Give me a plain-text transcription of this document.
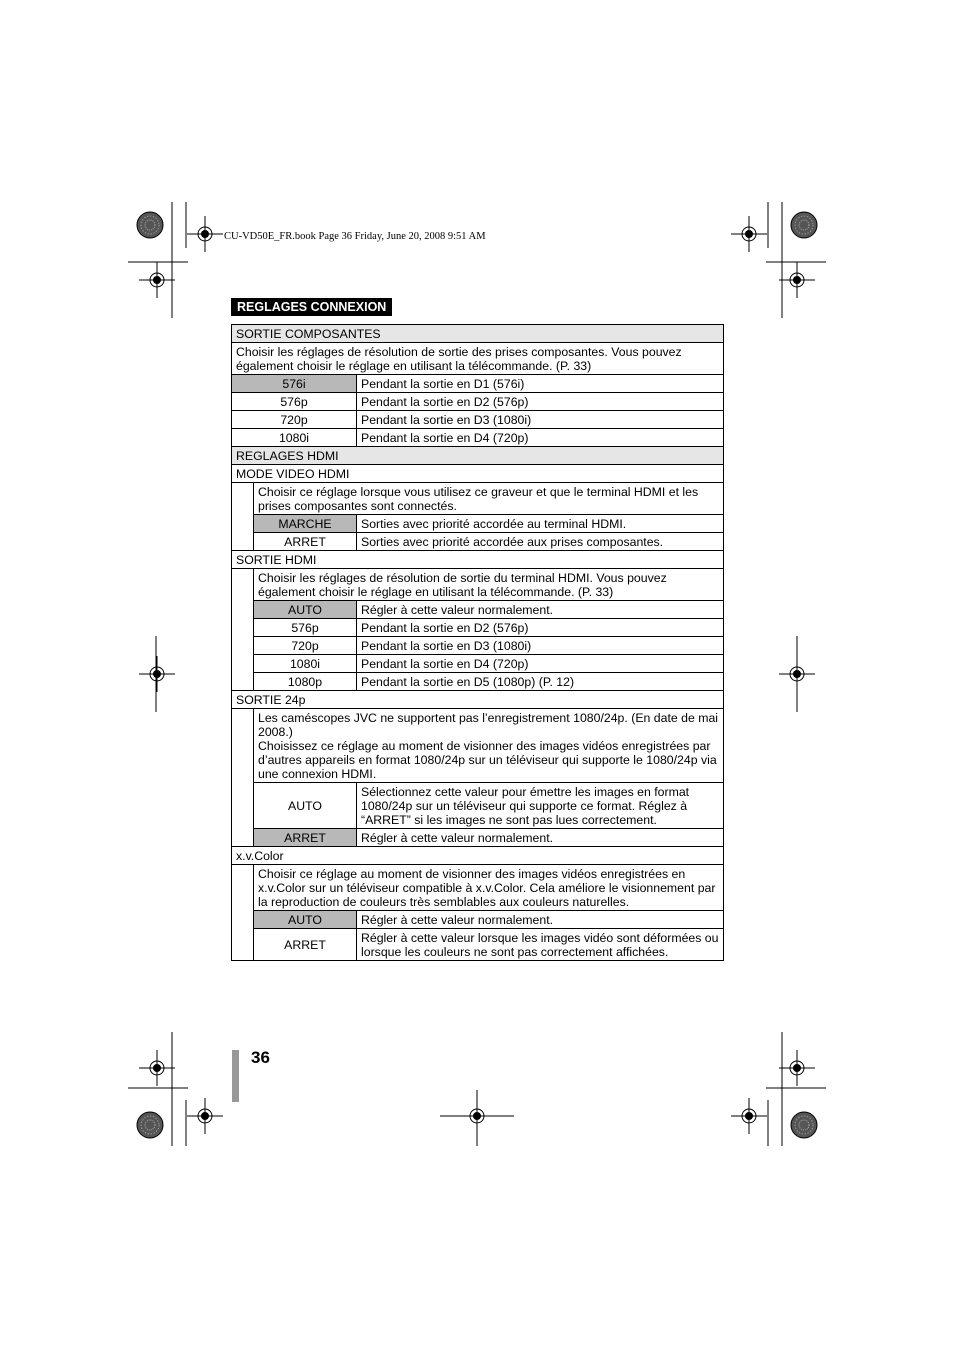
CU-VD50E_FR.book Page 36 Friday, June 20, 2008 9:51 AM
REGLAGES CONNEXION
SORTIE COMPOSANTES		
Choisir les réglages de résolution de sortie des prises composantes. Vous pouvez également choisir le réglage en utilisant la télécommande. (P. 33)		
576i		Pendant la sortie en D1 (576i)
576p		Pendant la sortie en D2 (576p)
720p		Pendant la sortie en D3 (1080i)
1080i		Pendant la sortie en D4 (720p)
REGLAGES HDMI		
MODE VIDEO HDMI		
	Choisir ce réglage lorsque vous utilisez ce graveur et que le terminal HDMI et les prises composantes sont connectés.	
	MARCHE	Sorties avec priorité accordée au terminal HDMI.
	ARRET	Sorties avec priorité accordée aux prises composantes.
SORTIE HDMI		
	Choisir les réglages de résolution de sortie du terminal HDMI. Vous pouvez également choisir le réglage en utilisant la télécommande. (P. 33)	
	AUTO	Régler à cette valeur normalement.
	576p	Pendant la sortie en D2 (576p)
	720p	Pendant la sortie en D3 (1080i)
	1080i	Pendant la sortie en D4 (720p)
	1080p	Pendant la sortie en D5 (1080p) (P. 12)
SORTIE 24p		
	Les caméscopes JVC ne supportent pas l’enregistrement 1080/24p. (En date de mai 2008.)
Choisissez ce réglage au moment de visionner des images vidéos enregistrées par d’autres appareils en format 1080/24p sur un téléviseur qui supporte le 1080/24p via une connexion HDMI.	
	AUTO	Sélectionnez cette valeur pour émettre les images en format 1080/24p sur un téléviseur qui supporte ce format. Réglez à “ARRET” si les images ne sont pas lues correctement.
	ARRET	Régler à cette valeur normalement.
x.v.Color		
	Choisir ce réglage au moment de visionner des images vidéos enregistrées en x.v.Color sur un téléviseur compatible à x.v.Color. Cela améliore le visionnement par la reproduction de couleurs très semblables aux couleurs naturelles.	
	AUTO	Régler à cette valeur normalement.
	ARRET	Régler à cette valeur lorsque les images vidéo sont déformées ou lorsque les couleurs ne sont pas correctement affichées.
36
